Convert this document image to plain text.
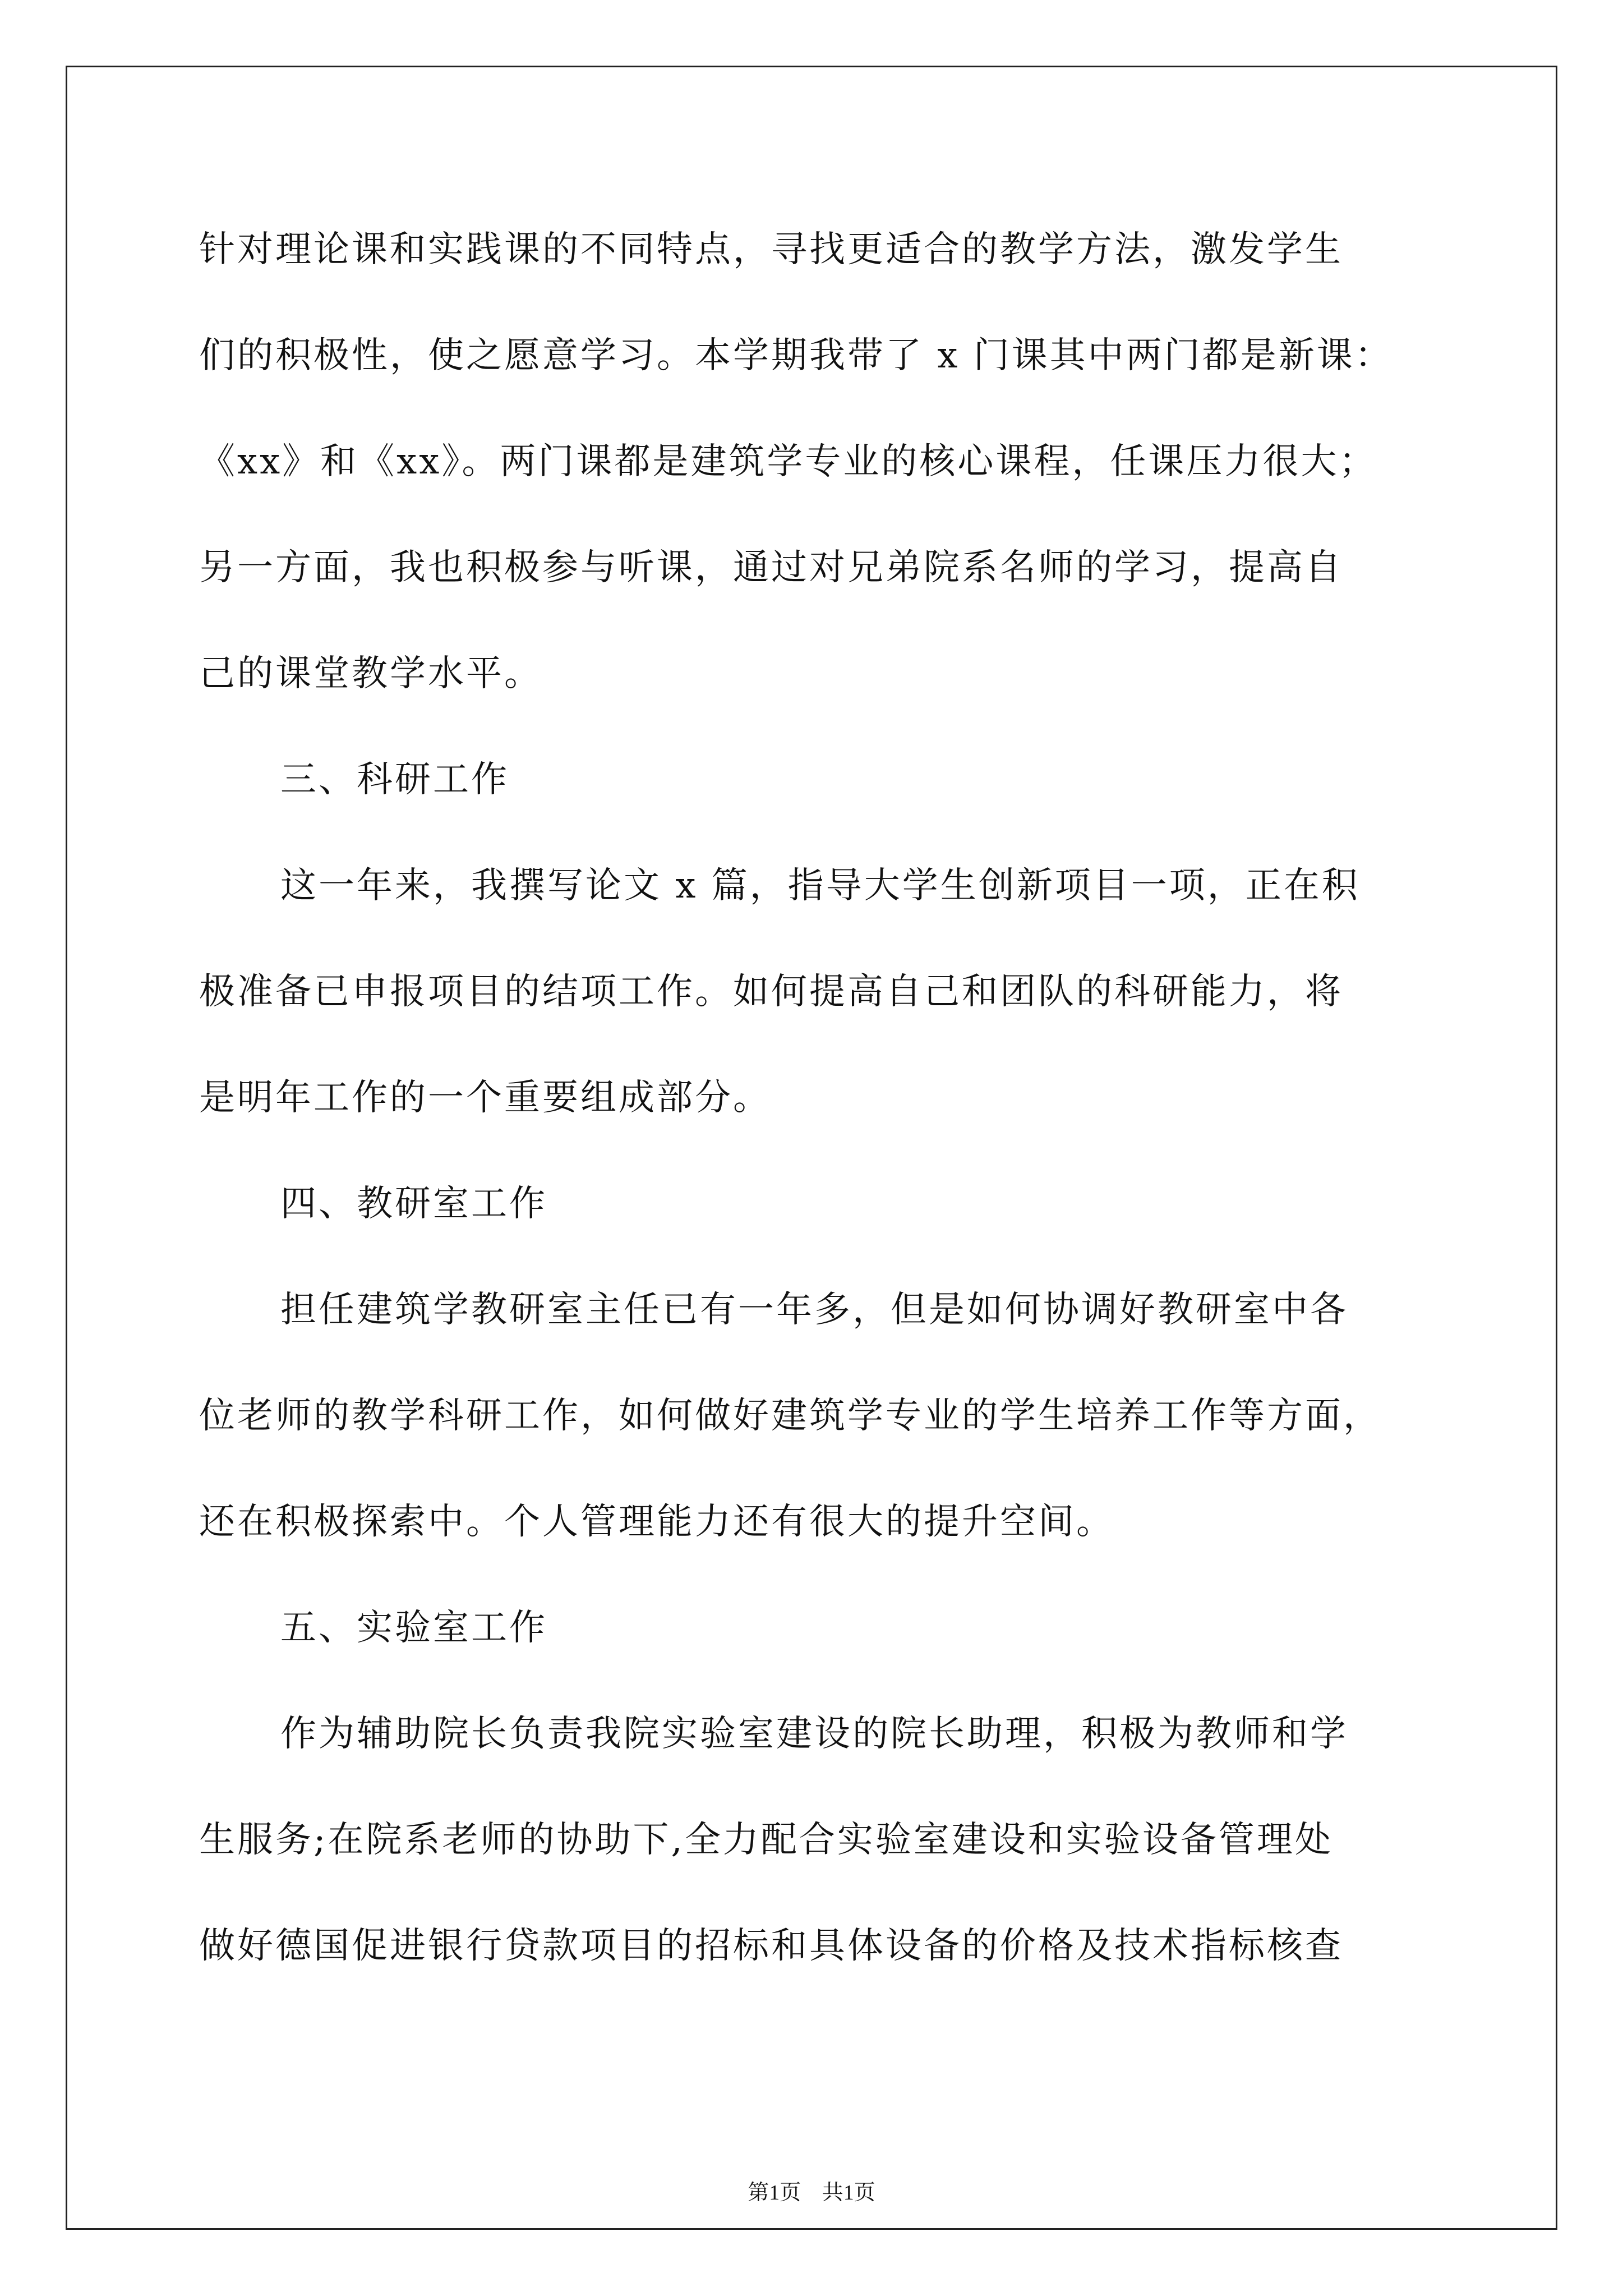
针对理论课和实践课的不同特点，寻找更适合的教学方法，激发学生
们的积极性，使之愿意学习。本学期我带了 x 门课其中两门都是新课：
《xx》和《xx》。两门课都是建筑学专业的核心课程，任课压力很大；
另一方面，我也积极参与听课，通过对兄弟院系名师的学习，提高自
己的课堂教学水平。
三、科研工作
这一年来，我撰写论文 x 篇，指导大学生创新项目一项，正在积
极准备已申报项目的结项工作。如何提高自己和团队的科研能力，将
是明年工作的一个重要组成部分。
四、教研室工作
担任建筑学教研室主任已有一年多，但是如何协调好教研室中各
位老师的教学科研工作，如何做好建筑学专业的学生培养工作等方面，
还在积极探索中。个人管理能力还有很大的提升空间。
五、实验室工作
作为辅助院长负责我院实验室建设的院长助理，积极为教师和学
生服务;在院系老师的协助下,全力配合实验室建设和实验设备管理处
做好德国促进银行贷款项目的招标和具体设备的价格及技术指标核查
第1页 共1页
